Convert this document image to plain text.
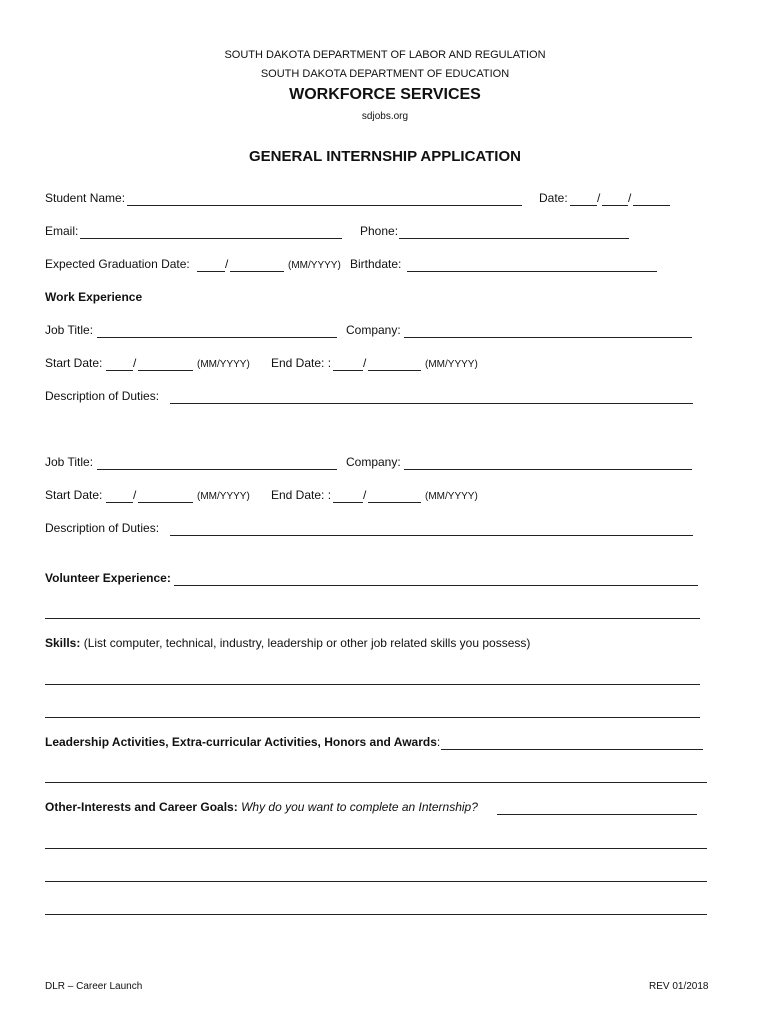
SOUTH DAKOTA DEPARTMENT OF LABOR AND REGULATION
SOUTH DAKOTA DEPARTMENT OF EDUCATION
WORKFORCE SERVICES
sdjobs.org
GENERAL INTERNSHIP APPLICATION
Student Name:	Date: / /
Email:	Phone:
Expected Graduation Date:	/	(MM/YYYY) Birthdate:
Work Experience
Job Title:	Company:
Start Date:	/	(MM/YYYY) End Date: :	/	(MM/YYYY)
Description of Duties:
Job Title:	Company:
Start Date:	/	(MM/YYYY) End Date: :	/	(MM/YYYY)
Description of Duties:
Volunteer Experience:
Skills: (List computer, technical, industry, leadership or other job related skills you possess)
Leadership Activities, Extra-curricular Activities, Honors and Awards:
Other-Interests and Career Goals: Why do you want to complete an Internship?
DLR – Career Launch	REV 01/2018
